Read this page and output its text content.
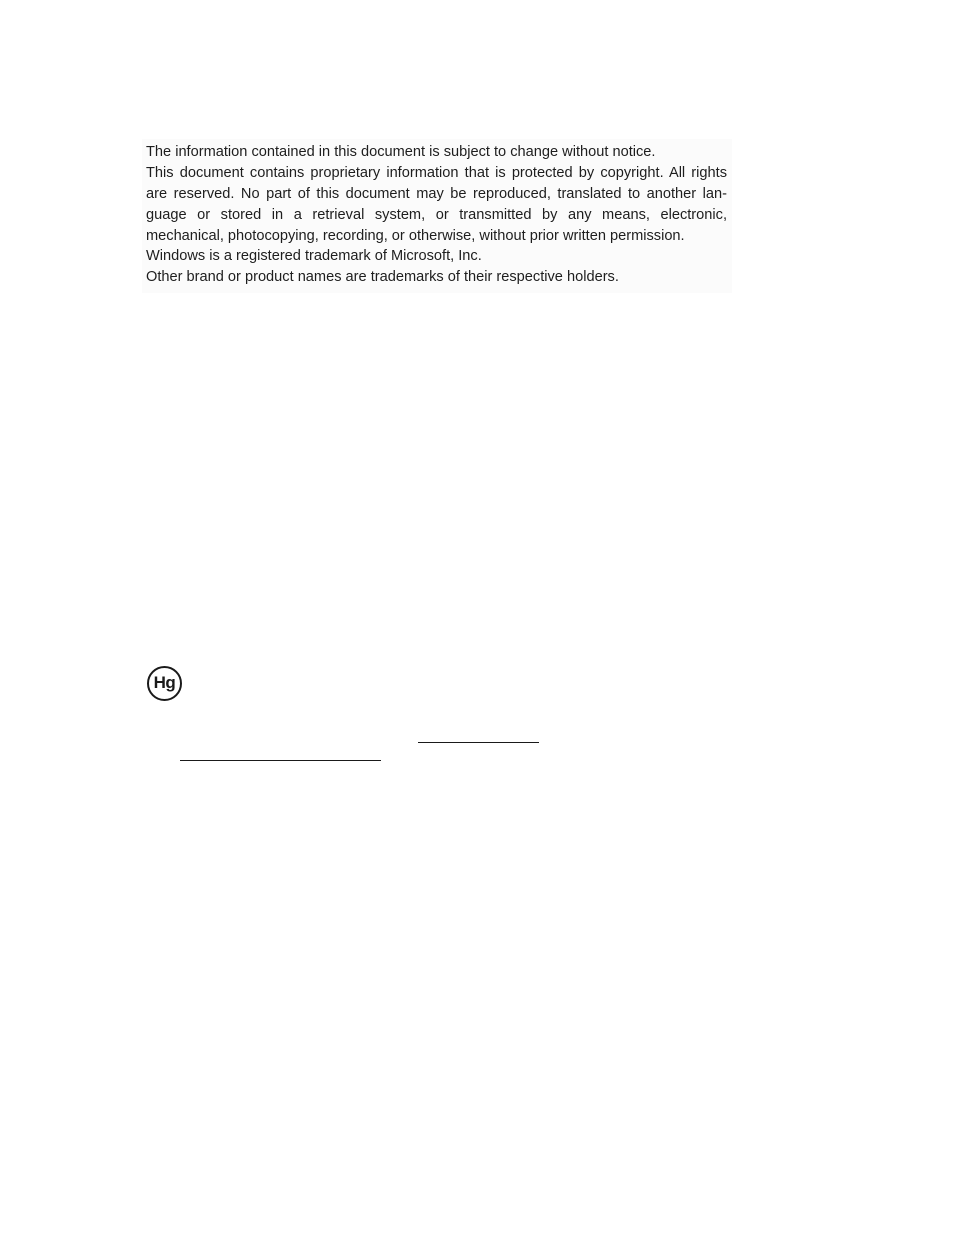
The information contained in this document is subject to change without notice.
This document contains proprietary information that is protected by copyright. All rights
are reserved. No part of this document may be reproduced, translated to another lan-
guage or stored in a retrieval system, or transmitted by any means, electronic,
mechanical, photocopying, recording, or otherwise, without prior written permission.
Windows is a registered trademark of Microsoft, Inc.
Other brand or product names are trademarks of their respective holders.
Hg
